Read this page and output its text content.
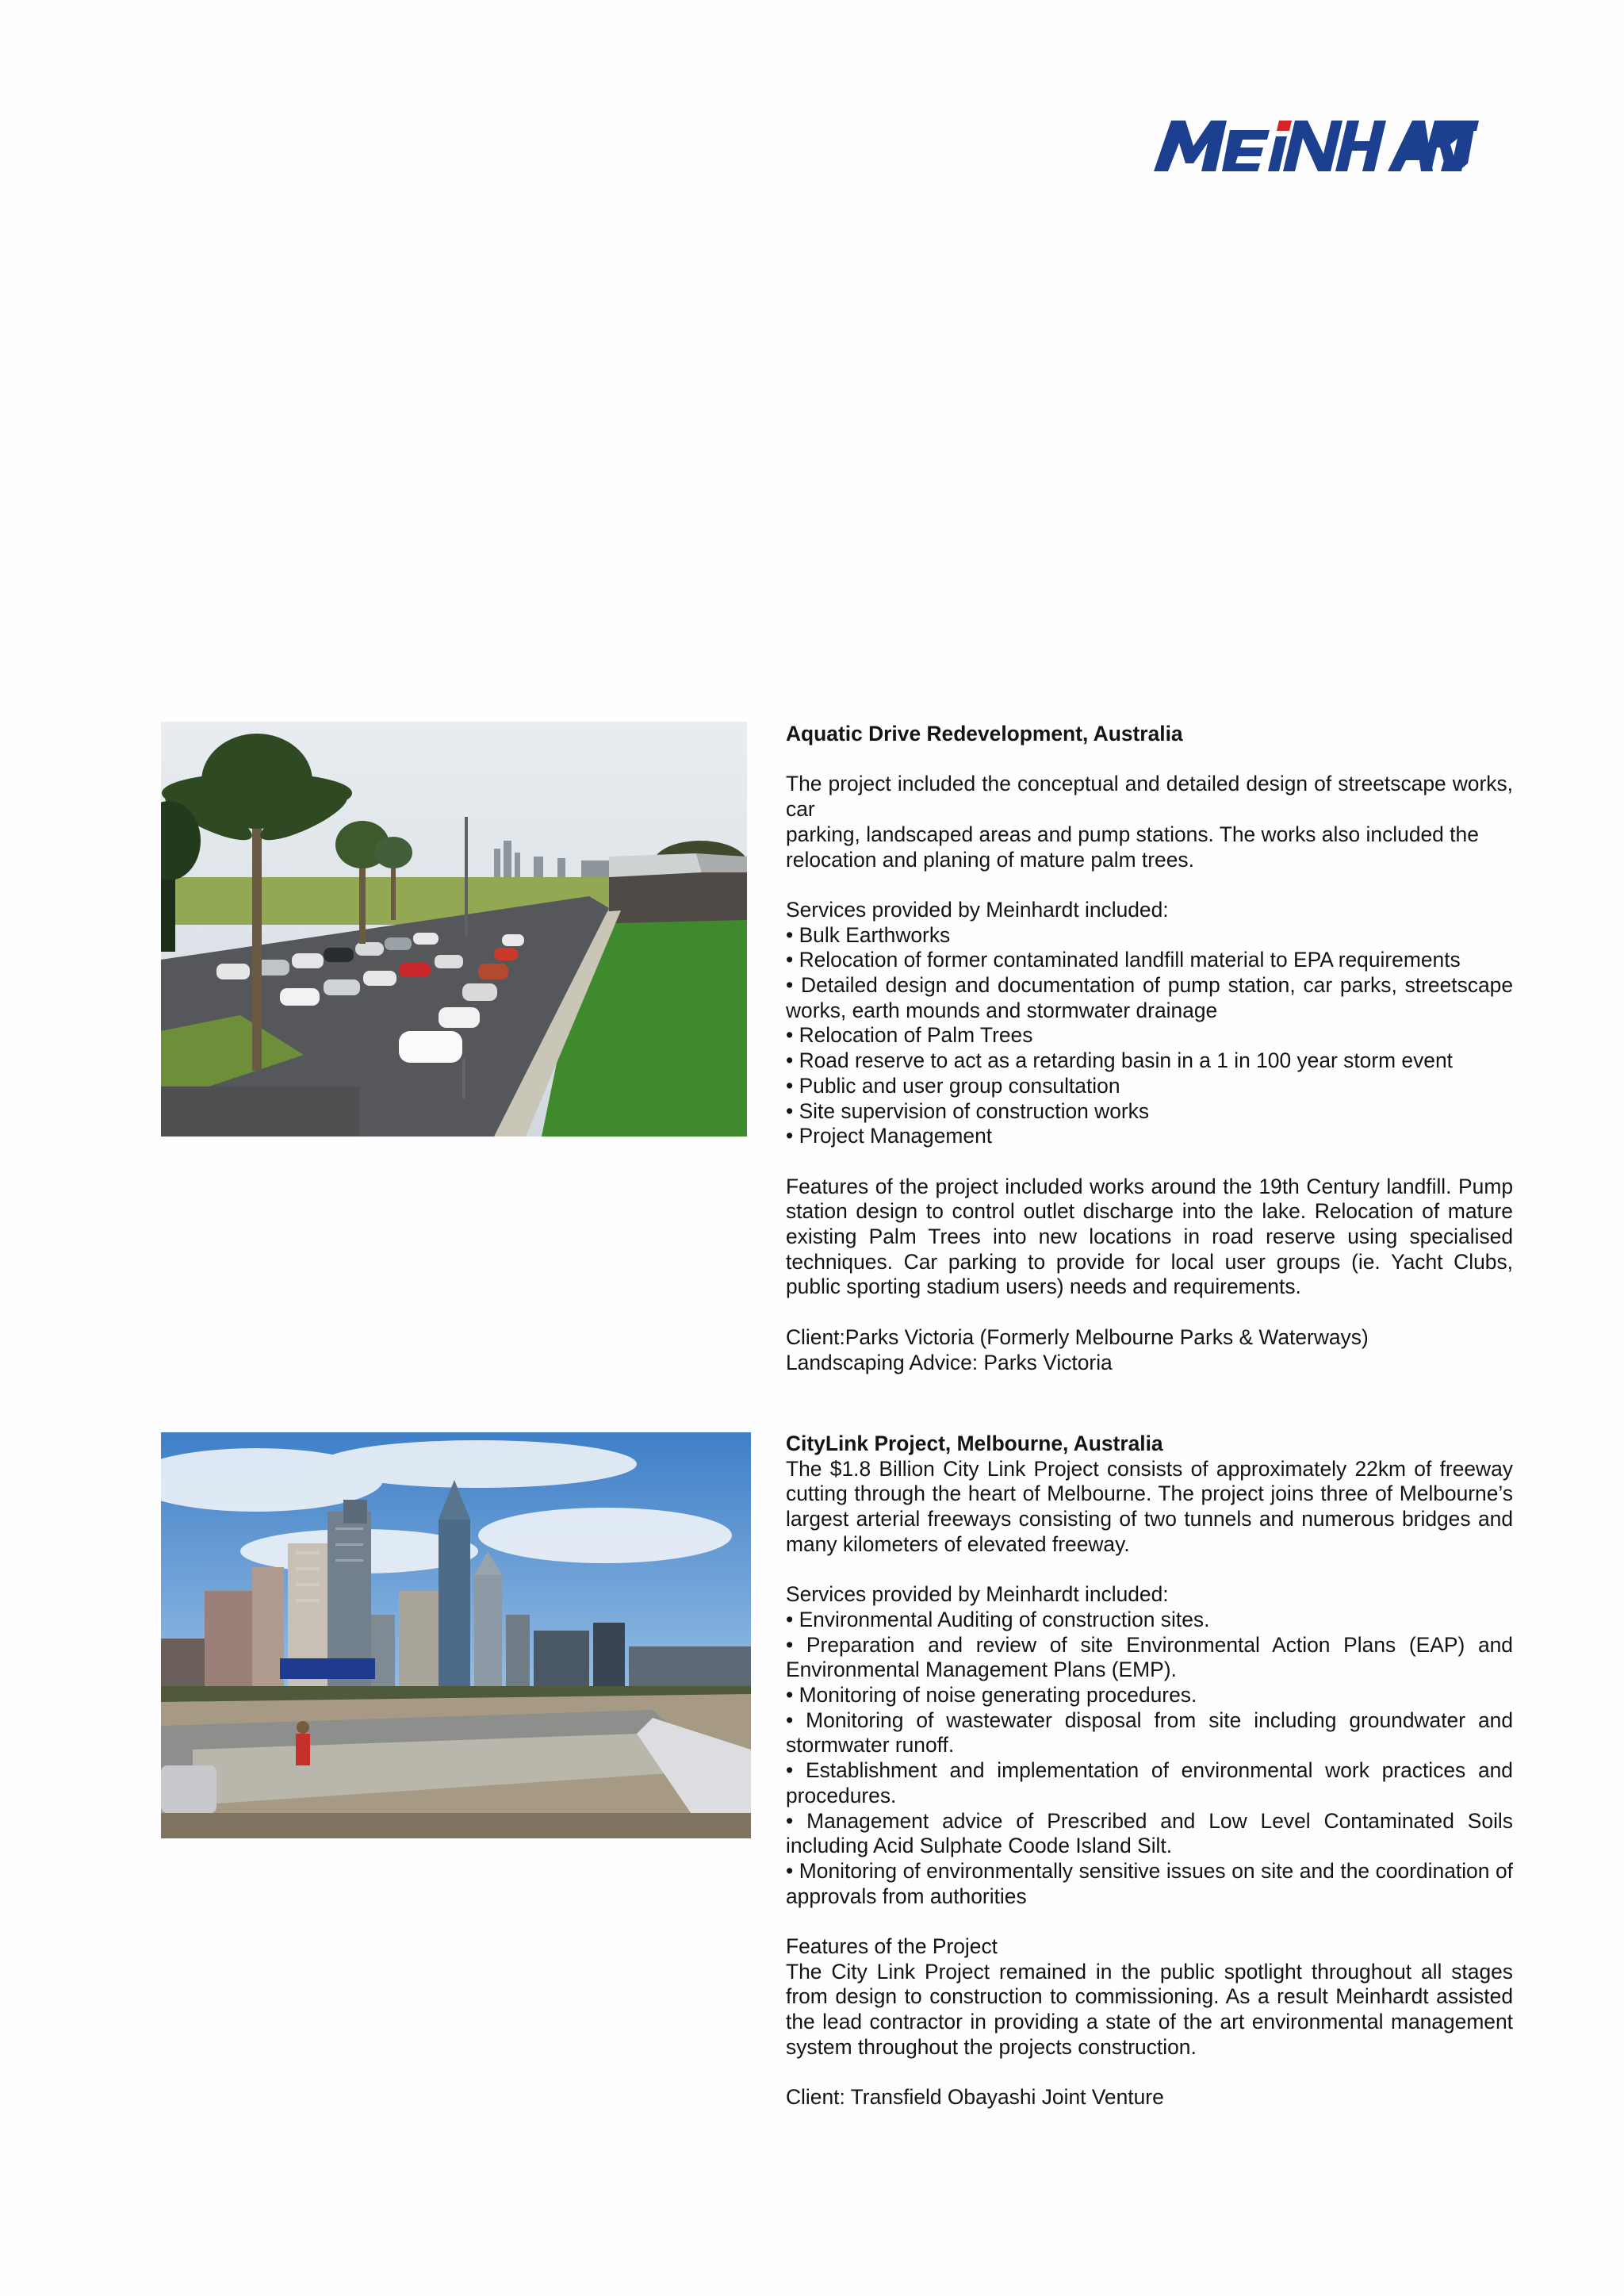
Aquatic Drive Redevelopment, Australia

The project included the conceptual and detailed design of streetscape works, car

parking, landscaped areas and pump stations. The works also included the relocation and planing of mature palm trees.

Services provided by Meinhardt included:

• Bulk Earthworks
• Relocation of former contaminated landfill material to EPA requirements
• Detailed design and documentation of pump station, car parks, streetscape works, earth mounds and stormwater drainage
• Relocation of Palm Trees
• Road reserve to act as a retarding basin in a 1 in 100 year storm event
• Public and user group consultation
• Site supervision of construction works
• Project Management

Features of the project included works around the 19th Century landfill. Pump station design to control outlet discharge into the lake. Relocation of mature existing Palm Trees into new locations in road reserve using specialised techniques. Car parking to provide for local user groups (ie. Yacht Clubs, public sporting stadium users) needs and requirements.

Client:Parks Victoria (Formerly Melbourne Parks & Waterways)

Landscaping Advice: Parks Victoria

CityLink Project, Melbourne, Australia

The $1.8 Billion City Link Project consists of approximately 22km of freeway cutting through the heart of Melbourne. The project joins three of Melbourne’s largest arterial freeways consisting of two tunnels and numerous bridges and many kilometers of elevated freeway.

Services provided by Meinhardt included:

• Environmental Auditing of construction sites.
• Preparation and review of site Environmental Action Plans (EAP) and Environmental Management Plans (EMP).
• Monitoring of noise generating procedures.
• Monitoring of wastewater disposal from site including groundwater and stormwater runoff.
• Establishment and implementation of environmental work practices and procedures.
• Management advice of Prescribed and Low Level Contaminated Soils including Acid Sulphate Coode Island Silt.
• Monitoring of environmentally sensitive issues on site and the coordination of approvals from authorities

Features of the Project

The City Link Project remained in the public spotlight throughout all stages from design to construction to commissioning. As a result Meinhardt assisted the lead contractor in providing a state of the art environmental management system throughout the projects construction.

Client: Transfield Obayashi Joint Venture
